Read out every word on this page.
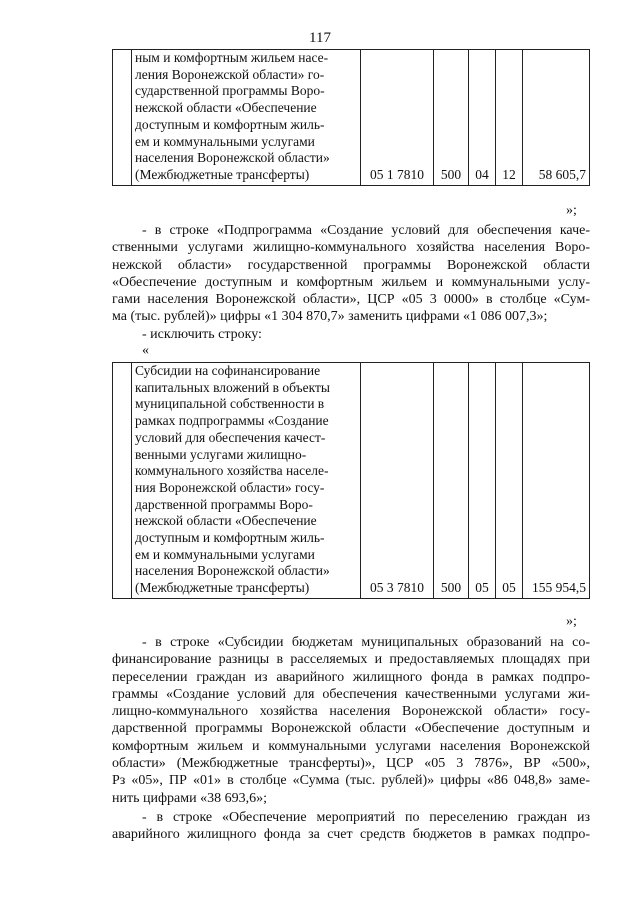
117

ным и комфортным жильем насе-
ления Воронежской области» го-
сударственной программы Воро-
нежской области «Обеспечение
доступным и комфортным жиль-
ем и коммунальными услугами
населения Воронежской области»
(Межбюджетные трансферты)	05 1 7810	500	04	12	58 605,7
»;
- в строке «Подпрограмма «Создание условий для обеспечения каче-
ственными услугами жилищно-коммунального хозяйства населения Воро-
нежской области» государственной программы Воронежской области
«Обеспечение доступным и комфортным жильем и коммунальными услу-
гами населения Воронежской области», ЦСР «05 3 0000» в столбце «Сум-
ма (тыс. рублей)» цифры «1 304 870,7» заменить цифрами «1 086 007,3»;
- исключить строку:
«

Субсидии на софинансирование
капитальных вложений в объекты
муниципальной собственности в
рамках подпрограммы «Создание
условий для обеспечения качест-
венными услугами жилищно-
коммунального хозяйства населе-
ния Воронежской области» госу-
дарственной программы Воро-
нежской области «Обеспечение
доступным и комфортным жиль-
ем и коммунальными услугами
населения Воронежской области»
(Межбюджетные трансферты)	05 3 7810	500	05	05	155 954,5
»;
- в строке «Субсидии бюджетам муниципальных образований на со-
финансирование разницы в расселяемых и предоставляемых площадях при
переселении граждан из аварийного жилищного фонда в рамках подпро-
граммы «Создание условий для обеспечения качественными услугами жи-
лищно-коммунального хозяйства населения Воронежской области» госу-
дарственной программы Воронежской области «Обеспечение доступным и
комфортным жильем и коммунальными услугами населения Воронежской
области» (Межбюджетные трансферты)», ЦСР «05 3 7876», ВР «500»,
Рз «05», ПР «01» в столбце «Сумма (тыс. рублей)» цифры «86 048,8» заме-
нить цифрами «38 693,6»;
- в строке «Обеспечение мероприятий по переселению граждан из
аварийного жилищного фонда за счет средств бюджетов в рамках подпро-
